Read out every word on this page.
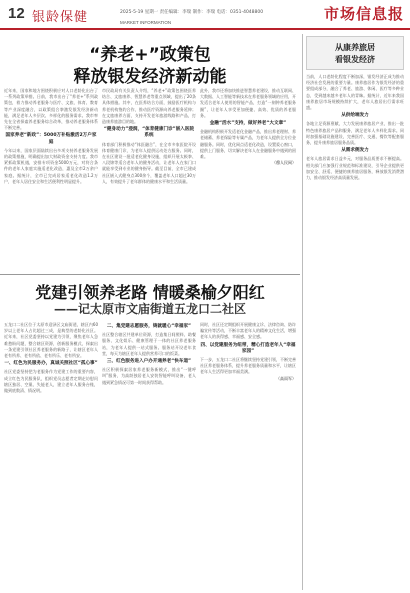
12 银龄保健	2025-5-19 星期一 责任编辑：李瑞 制作：李瑞 电话：0351-4048800
MARKET INFORMATION	市场信息报
“养老+”政策包
释放银发经济新动能
近年来，国家和地方围绕积极应对人口老龄化出台了一系列政策举措。日前，我市出台了“养老+”系列政策包，着力推动养老服务与医疗、文旅、体育、教育等产业深度融合，以政策组合拳激发银发经济新动能，满足老年人多层次、多样化的服务需求。我市率先在全省探索养老服务综合改革，推动养老服务体系不断完善。
国家养老“新政”：5000万补贴激活2万户家庭
今年以来，国家层面陆续出台多项支持养老服务发展的政策措施，明确提出加大财政资金支持力度。我市紧抓政策机遇，安排专项资金5000万元，对符合条件的老年人家庭实施适老化改造，惠及全市2万余户家庭。据统计，全市已完成居家适老化改造1.2万户，老年人居住安全和生活便利性明显提升。
市民政局有关负责人介绍，“养老+”政策包围绕医养结合、文旅康养、智慧养老等重点领域，提出了20条具体措施。其中，在医养结合方面，鼓励医疗机构与养老机构签约合作，推动医疗资源向养老服务延伸；在文旅康养方面，支持开发老年旅游线路和产品，打造康养旅游目的地。
“健身动力”浸润，“体育健康门诊”嵌入医院系统
体育部门积极推动“体医融合”，在全市多家医院开设体育健康门诊，为老年人提供运动处方服务。同时，在社区建设一批适老化健身设施，组织开展太极拳、八段锦等适合老年人的健身活动，让老年人在家门口就能享受到专业的健身指导。截至目前，全市已建成社区嵌入式健身点300余个，覆盖老年人口超过30万人，有效提升了老年群体的健康水平和生活质量。
此外，我市还将加快推进智慧养老建设，推动互联网、大数据、人工智能等新技术在养老服务领域的应用，开发适合老年人使用的智能产品，打造“一刻钟养老服务圈”，让老年人享受更加便捷、高效、优质的养老服务。
金融“活水”支持，做好养老“大文章”
金融机构积极开发适老化金融产品，推出养老理财、养老储蓄、养老保险等专属产品，为老年人提供全方位金融服务。同时，优化网点适老化改造，设置爱心窗口，提供上门服务，切实解决老年人在金融服务中遇到的困难。
（穆人民网）
党建引领养老路 情暖桑榆夕阳红
——记太原市文庙街道五龙口二社区
五龙口二社区位于太原市迎泽区文庙街道，辖区内60岁以上老年人占比超过三成，是典型的老龄化社区。近年来，社区党委坚持以党建为引领，聚焦老年人急难愁盼问题，整合辖区资源，创新服务模式，探索出一条党建引领社区养老服务的新路子，让辖区老年人老有所养、老有所依、老有所乐、老有所安。
一、红色为民服务办，真诚关照社区“孤心事”
社区党委坚持把为老服务作为党建工作的重要内容，成立红色为民服务队，组织党员志愿者定期走访慰问辖区独居、空巢、失能老人，建立老年人服务台账，做到底数清、情况明。
二、集党建志愿服务，铸就暖心“幸福家”
社区整合辖区共建单位资源，打造集日间照料、助餐服务、文化娱乐、健康管理于一体的社区养老服务站，为老年人提供一站式服务。服务站开设老年食堂，每天为辖区老年人提供营养可口的饭菜。
三、红色服务进入户办开通养老“快车道”
社区积极探索居家养老服务新模式，推出“一键呼叫”服务，为高龄独居老人安装智能呼叫设备，老人遇到紧急情况可第一时间获得帮助。
同时，社区还定期组织开展健康义诊、法律咨询、防诈骗宣传等活动，不断丰富老年人的精神文化生活，增强老年人的获得感、幸福感、安全感。
四、以党建服务为纽带，精心打造老年人“幸福家园”
下一步，五龙口二社区将继续坚持党建引领，不断完善社区养老服务体系，提升养老服务质量和水平，让辖区老年人生活得更加幸福美满。
（高雨军）
从康养旅居
看银发经济
当前，人口老龄化程度不断加深，银发经济正成为推动经济社会发展的重要力量。康养旅居作为银发经济的重要组成部分，融合了养老、旅游、休闲、医疗等多种业态，受到越来越多老年人的青睐。据统计，近年来我国康养旅居市场规模持续扩大，老年人旅居出行需求旺盛。
从供给端发力
各地立足资源禀赋，大力发展康养旅居产业，推出一批特色康养旅居产品和服务，满足老年人多样化需求。同时加强基础设施建设，完善医疗、交通、餐饮等配套服务，提升康养旅居服务品质。
从需求侧发力
老年人旅居需求日益多元，对服务品质要求不断提高。相关部门应加强行业规范和标准建设，引导企业提供更加安全、舒适、便捷的康养旅居服务，释放银发消费潜力，推动银发经济高质量发展。
